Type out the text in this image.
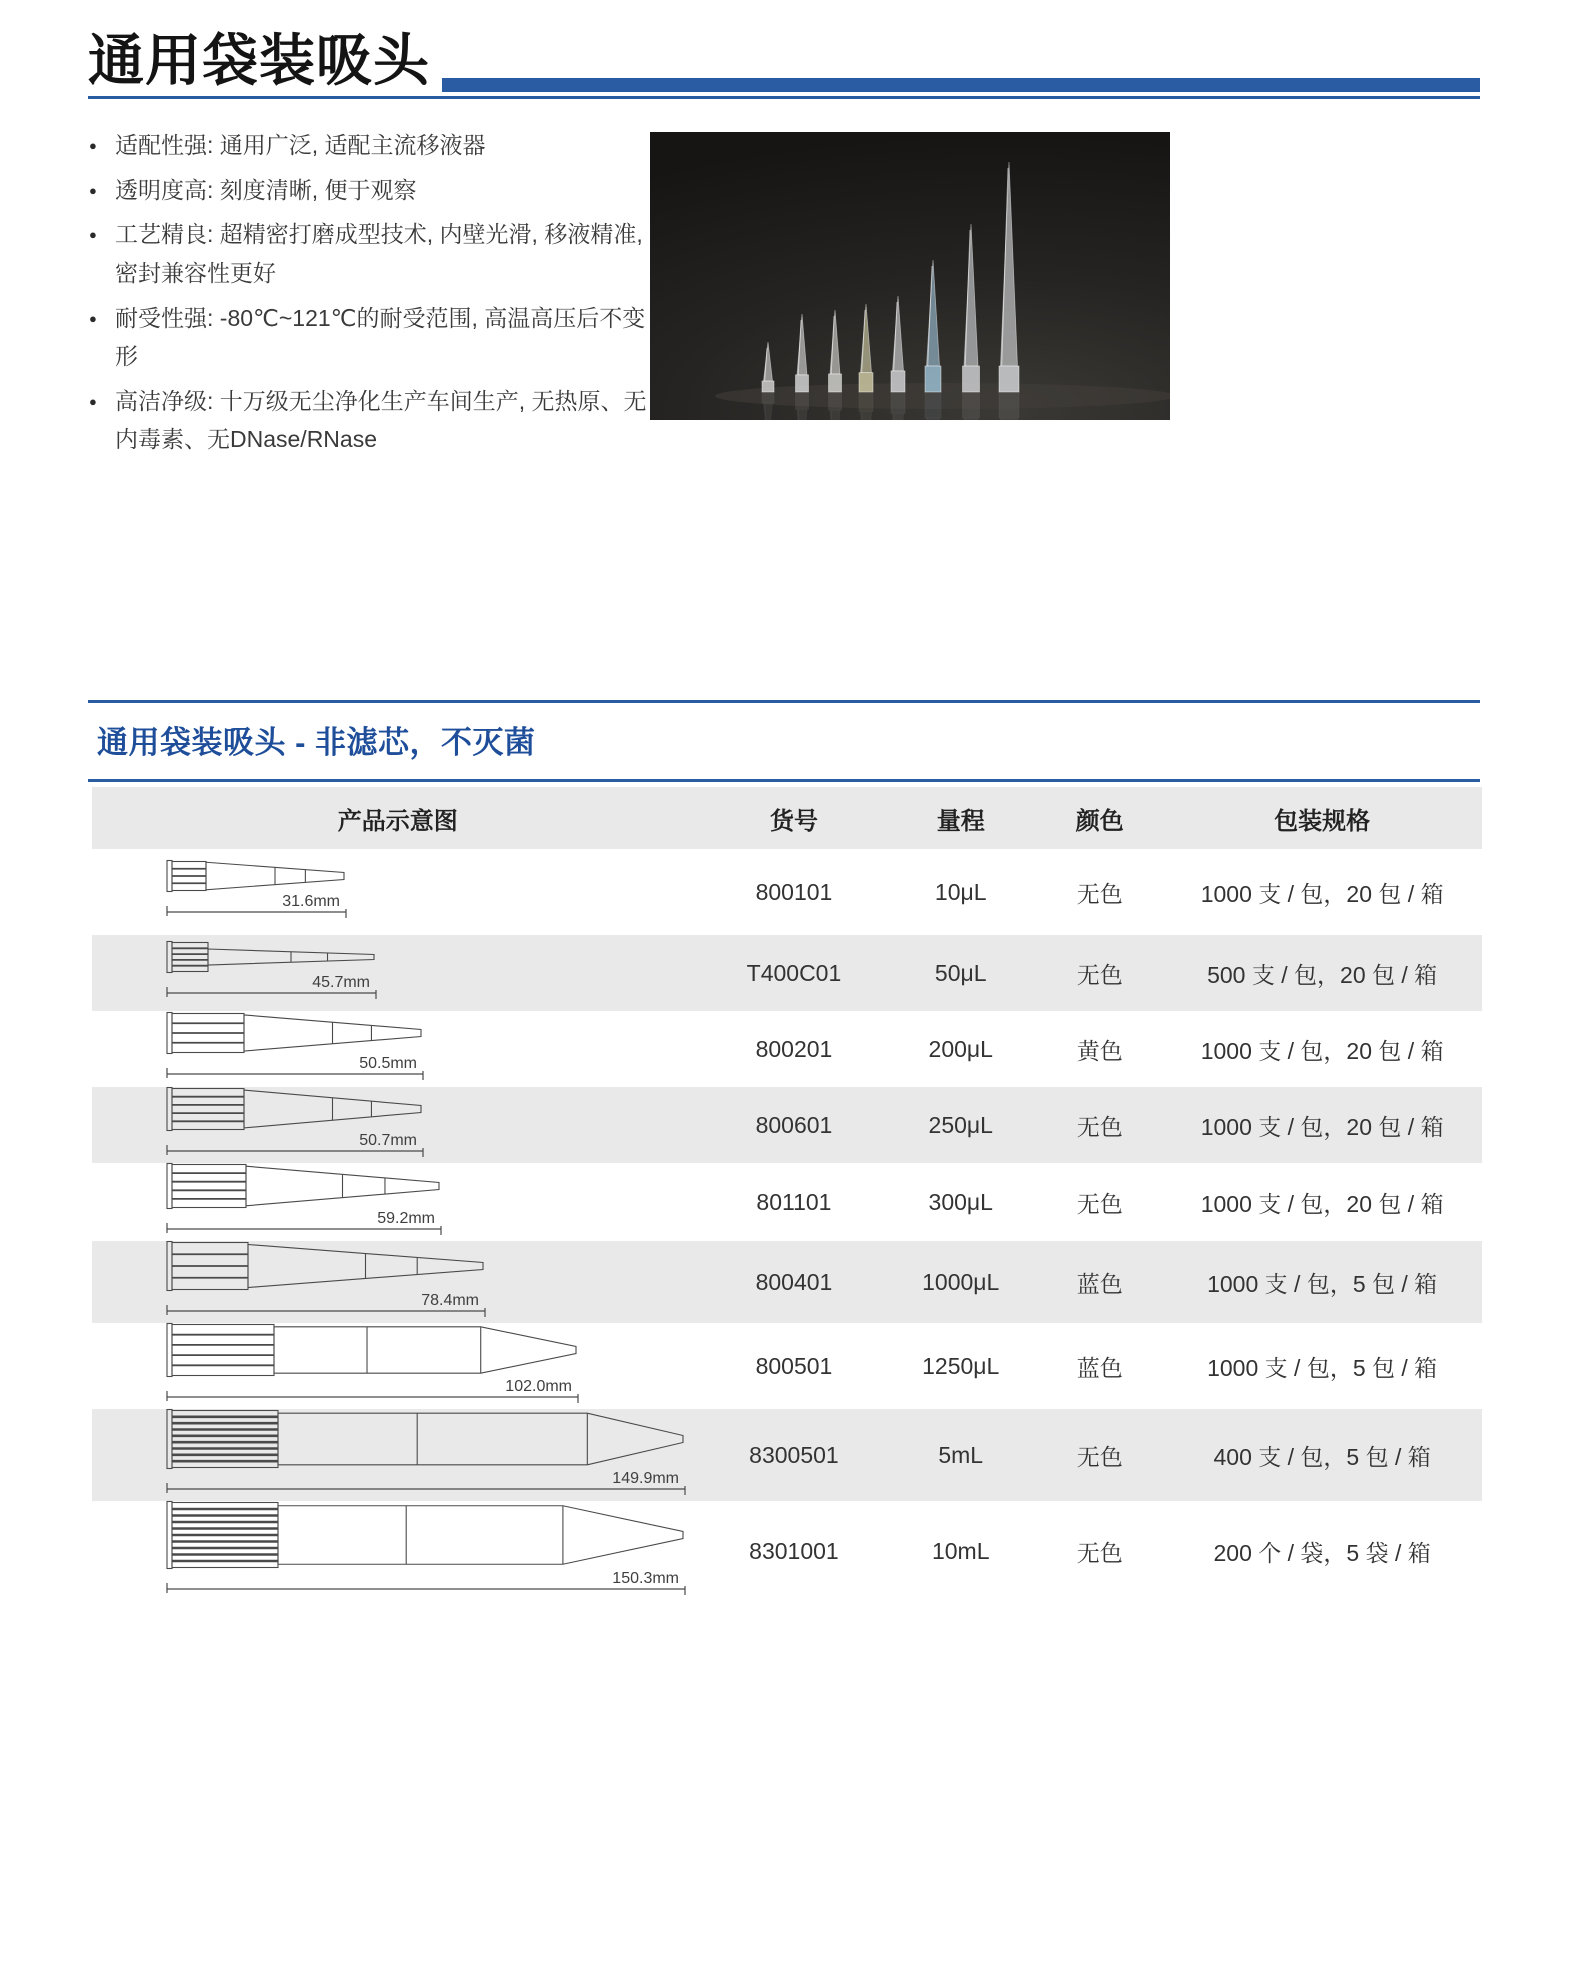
通用袋装吸头
● 适配性强: 通用广泛, 适配主流移液器
● 透明度高: 刻度清晰, 便于观察
● 工艺精良: 超精密打磨成型技术, 内壁光滑, 移液精准, 密封兼容性更好
● 耐受性强: -80℃~121℃的耐受范围, 高温高压后不变形
● 高洁净级: 十万级无尘净化生产车间生产, 无热原、无内毒素、无DNase/RNase
通用袋装吸头 - 非滤芯，不灭菌
产品示意图	货号	量程	颜色	包装规格

31.6mm	800101	10μL	无色	1000 支 / 包，20 包 / 箱

45.7mm	T400C01	50μL	无色	500 支 / 包，20 包 / 箱

50.5mm	800201	200μL	黄色	1000 支 / 包，20 包 / 箱

50.7mm	800601	250μL	无色	1000 支 / 包，20 包 / 箱

59.2mm	801101	300μL	无色	1000 支 / 包，20 包 / 箱

78.4mm	800401	1000μL	蓝色	1000 支 / 包，5 包 / 箱

102.0mm	800501	1250μL	蓝色	1000 支 / 包，5 包 / 箱

149.9mm	8300501	5mL	无色	400 支 / 包，5 包 / 箱

150.3mm	8301001	10mL	无色	200 个 / 袋，5 袋 / 箱
